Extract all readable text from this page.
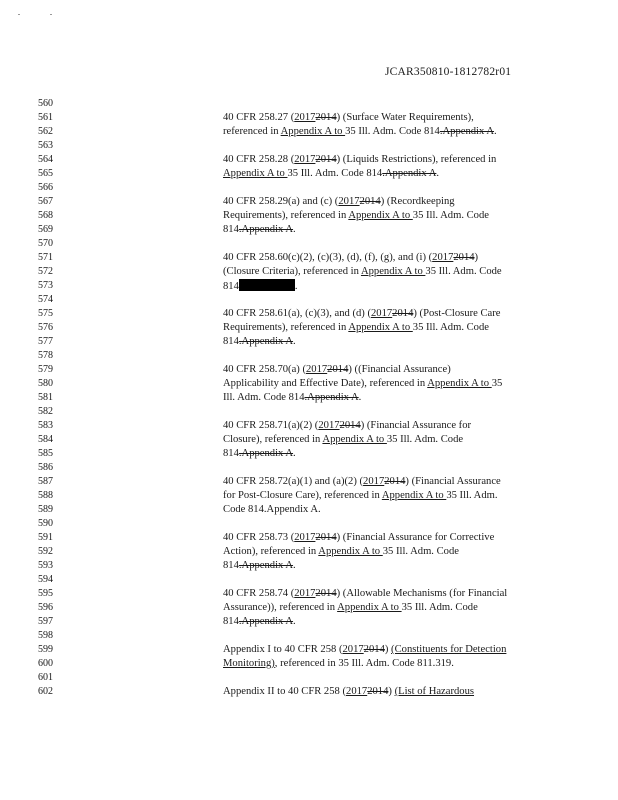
JCAR350810-1812782r01
560
561
562
563
564
565
566
567
568
569
570
571
572
573
574
575
576
577
578
579
580
581
582
583
584
585
586
587
588
589
590
591
592
593
594
595
596
597
598
599
600
601
602
40 CFR 258.27 (20172014) (Surface Water Requirements),
referenced in Appendix A to 35 Ill. Adm. Code 814.Appendix A.
40 CFR 258.28 (20172014) (Liquids Restrictions), referenced in
Appendix A to 35 Ill. Adm. Code 814.Appendix A.
40 CFR 258.29(a) and (c) (20172014) (Recordkeeping
Requirements), referenced in Appendix A to 35 Ill. Adm. Code
814.Appendix A.
40 CFR 258.60(c)(2), (c)(3), (d), (f), (g), and (i) (20172014)
(Closure Criteria), referenced in Appendix A to 35 Ill. Adm. Code
814	.
40 CFR 258.61(a), (c)(3), and (d) (20172014) (Post-Closure Care
Requirements), referenced in Appendix A to 35 Ill. Adm. Code
814.Appendix A.
40 CFR 258.70(a) (20172014) ((Financial Assurance)
Applicability and Effective Date), referenced in Appendix A to 35
Ill. Adm. Code 814.Appendix A.
40 CFR 258.71(a)(2) (20172014) (Financial Assurance for
Closure), referenced in Appendix A to 35 Ill. Adm. Code
814.Appendix A.
40 CFR 258.72(a)(1) and (a)(2) (20172014) (Financial Assurance
for Post-Closure Care), referenced in Appendix A to 35 Ill. Adm.
Code 814.Appendix A.
40 CFR 258.73 (20172014) (Financial Assurance for Corrective
Action), referenced in Appendix A to 35 Ill. Adm. Code
814.Appendix A.
40 CFR 258.74 (20172014) (Allowable Mechanisms (for Financial
Assurance)), referenced in Appendix A to 35 Ill. Adm. Code
814.Appendix A.
Appendix I to 40 CFR 258 (20172014) (Constituents for Detection
Monitoring), referenced in 35 Ill. Adm. Code 811.319.
Appendix II to 40 CFR 258 (20172014) (List of Hazardous
